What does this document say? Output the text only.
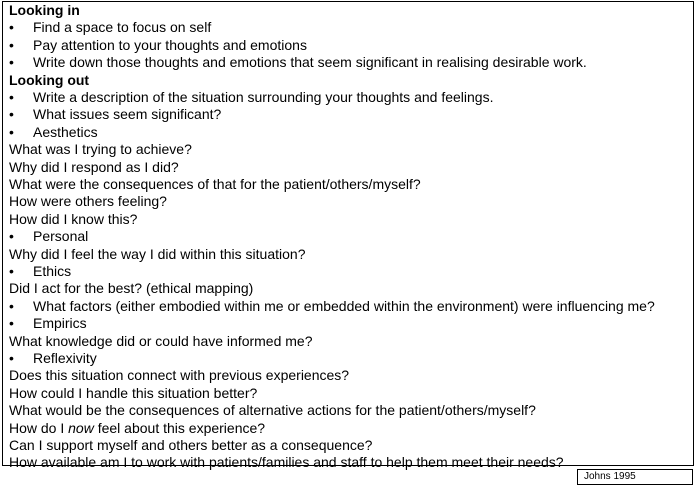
Looking in
• Find a space to focus on self
• Pay attention to your thoughts and emotions
• Write down those thoughts and emotions that seem significant in realising desirable work.
Looking out
• Write a description of the situation surrounding your thoughts and feelings.
• What issues seem significant?
• Aesthetics
What was I trying to achieve?
Why did I respond as I did?
What were the consequences of that for the patient/others/myself?
How were others feeling?
How did I know this?
• Personal
Why did I feel the way I did within this situation?
• Ethics
Did I act for the best? (ethical mapping)
• What factors (either embodied within me or embedded within the environment) were influencing me?
• Empirics
What knowledge did or could have informed me?
• Reflexivity
Does this situation connect with previous experiences?
How could I handle this situation better?
What would be the consequences of alternative actions for the patient/others/myself?
How do I now feel about this experience?
Can I support myself and others better as a consequence?
How available am I to work with patients/families and staff to help them meet their needs?
Johns 1995
